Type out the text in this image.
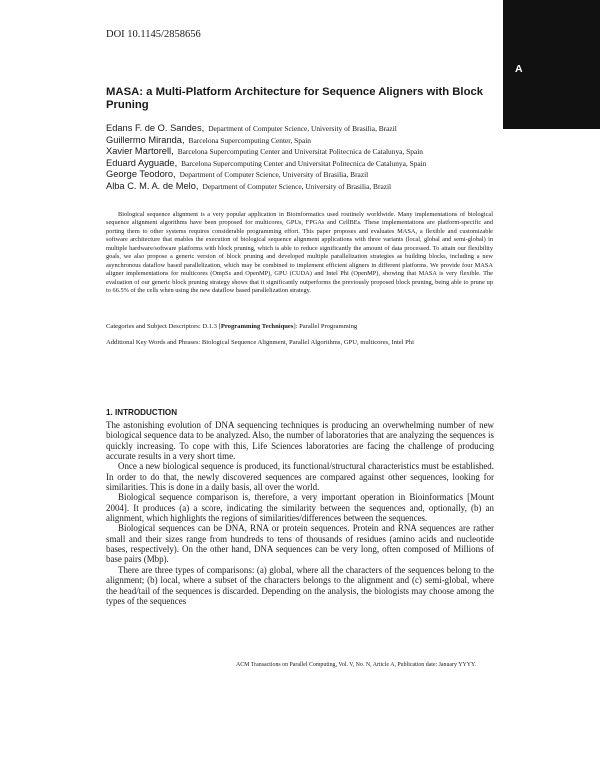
DOI 10.1145/2858656
A
MASA: a Multi-Platform Architecture for Sequence Aligners with Block Pruning
Edans F. de O. Sandes, Department of Computer Science, University of Brasilia, Brazil
Guillermo Miranda, Barcelona Supercomputing Center, Spain
Xavier Martorell, Barcelona Supercomputing Center and Universitat Politecnica de Catalunya, Spain
Eduard Ayguade, Barcelona Supercomputing Center and Universitat Politecnica de Catalunya, Spain
George Teodoro, Department of Computer Science, University of Brasilia, Brazil
Alba C. M. A. de Melo, Department of Computer Science, University of Brasilia, Brazil

Biological sequence alignment is a very popular application in Bioinformatics used routinely worldwide. Many implementations of biological sequence alignment algorithms have been proposed for multicores, GPUs, FPGAs and CellBEs. These implementations are platform-specific and porting them to other systems requires considerable programming effort. This paper proposes and evaluates MASA, a flexible and customizable software architecture that enables the execution of biological sequence alignment applications with three variants (local, global and semi-global) in multiple hardware/software platforms with block pruning, which is able to reduce significantly the amount of data processed. To attain our flexibility goals, we also propose a generic version of block pruning and developed multiple parallelization strategies as building blocks, including a new asynchronous dataflow based parallelization, which may be combined to implement efficient aligners in different platforms. We provide four MASA aligner implementations for multicores (OmpSs and OpenMP), GPU (CUDA) and Intel Phi (OpenMP), showing that MASA is very flexible. The evaluation of our generic block pruning strategy shows that it significantly outperforms the previously proposed block pruning, being able to prune up to 66.5% of the cells when using the new dataflow based parallelization strategy.

Categories and Subject Descriptors: D.1.3 [Programming Techniques]: Parallel Programming

Additional Key Words and Phrases: Biological Sequence Alignment, Parallel Algorithms, GPU, multicores, Intel Phi

1. INTRODUCTION

The astonishing evolution of DNA sequencing techniques is producing an overwhelming number of new biological sequence data to be analyzed. Also, the number of laboratories that are analyzing the sequences is quickly increasing. To cope with this, Life Sciences laboratories are facing the challenge of producing accurate results in a very short time.

Once a new biological sequence is produced, its functional/structural characteristics must be established. In order to do that, the newly discovered sequences are compared against other sequences, looking for similarities. This is done in a daily basis, all over the world.

Biological sequence comparison is, therefore, a very important operation in Bioinformatics [Mount 2004]. It produces (a) a score, indicating the similarity between the sequences and, optionally, (b) an alignment, which highlights the regions of similarities/differences between the sequences.

Biological sequences can be DNA, RNA or protein sequences. Protein and RNA sequences are rather small and their sizes range from hundreds to tens of thousands of residues (amino acids and nucleotide bases, respectively). On the other hand, DNA sequences can be very long, often composed of Millions of base pairs (Mbp).

There are three types of comparisons: (a) global, where all the characters of the sequences belong to the alignment; (b) local, where a subset of the characters belongs to the alignment and (c) semi-global, where the head/tail of the sequences is discarded. Depending on the analysis, the biologists may choose among the types of the sequences

ACM Transactions on Parallel Computing, Vol. V, No. N, Article A, Publication date: January YYYY.
